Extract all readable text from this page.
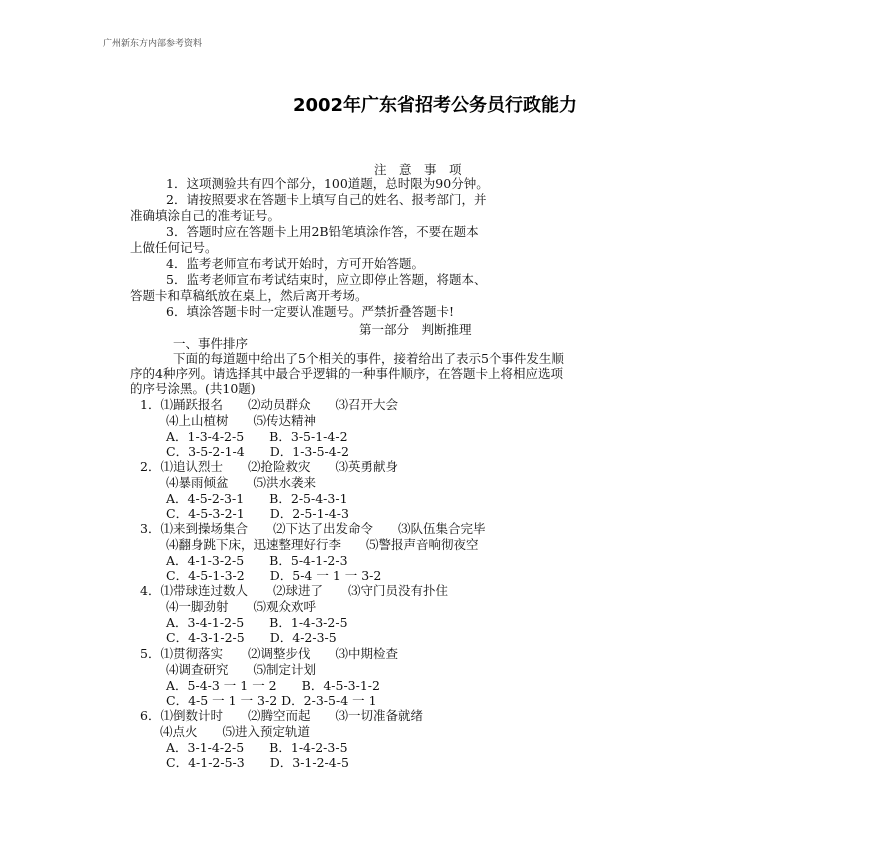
广州新东方内部参考资料
2002年广东省招考公务员行政能力
注　意　事　项
1．这项测验共有四个部分，100道题，总时限为90分钟。
2．请按照要求在答题卡上填写自己的姓名、报考部门，并
准确填涂自己的准考证号。
3．答题时应在答题卡上用2B铅笔填涂作答，不要在题本
上做任何记号。
4．监考老师宣布考试开始时，方可开始答题。
5．监考老师宣布考试结束时，应立即停止答题，将题本、
答题卡和草稿纸放在桌上，然后离开考场。
6．填涂答题卡时一定要认准题号。严禁折叠答题卡!
第一部分　判断推理
一、事件排序
下面的每道题中给出了5个相关的事件，接着给出了表示5个事件发生顺
序的4种序列。请选择其中最合乎逻辑的一种事件顺序，在答题卡上将相应选项
的序号涂黑。(共10题)
1．⑴踊跃报名　　⑵动员群众　　⑶召开大会
⑷上山植树　　⑸传达精神
A．1-3-4-2-5　　B．3-5-1-4-2
C．3-5-2-1-4　　D．1-3-5-4-2
2．⑴追认烈士　　⑵抢险救灾　　⑶英勇献身
⑷暴雨倾盆　　⑸洪水袭来
A．4-5-2-3-1　　B．2-5-4-3-1
C．4-5-3-2-1　　D．2-5-1-4-3
3．⑴来到操场集合　　⑵下达了出发命令　　⑶队伍集合完毕
⑷翻身跳下床，迅速整理好行李　　⑸警报声音响彻夜空
A．4-1-3-2-5　　B．5-4-1-2-3
C．4-5-1-3-2　　D．5-4 一 1 一 3-2
4．⑴带球连过数人　　⑵球进了　　⑶守门员没有扑住
⑷一脚劲射　　⑸观众欢呼
A．3-4-1-2-5　　B．1-4-3-2-5
C．4-3-1-2-5　　D．4-2-3-5
5．⑴贯彻落实　　⑵调整步伐　　⑶中期检查
⑷调查研究　　⑸制定计划
A．5-4-3 一 1 一 2　　B．4-5-3-1-2
C．4-5 一 1 一 3-2 D．2-3-5-4 一 1
6．⑴倒数计时　　⑵腾空而起　　⑶一切准备就绪
⑷点火　　⑸进入预定轨道
A．3-1-4-2-5　　B．1-4-2-3-5
C．4-1-2-5-3　　D．3-1-2-4-5
